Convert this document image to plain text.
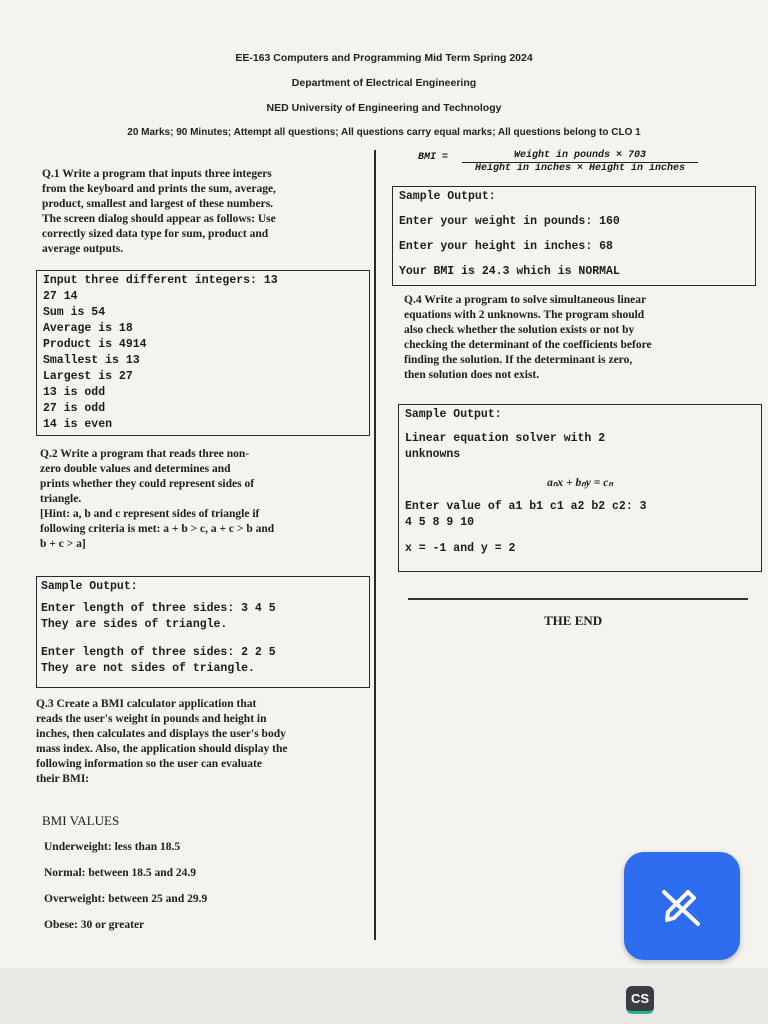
EE-163 Computers and Programming Mid Term Spring 2024
Department of Electrical Engineering
NED University of Engineering and Technology
20 Marks; 90 Minutes; Attempt all questions; All questions carry equal marks; All questions belong to CLO 1
Q.1 Write a program that inputs three integers
from the keyboard and prints the sum, average,
product, smallest and largest of these numbers.
The screen dialog should appear as follows: Use
correctly sized data type for sum, product and
average outputs.
Input three different integers: 13
27 14
Sum is 54
Average is 18
Product is 4914
Smallest is 13
Largest is 27
13 is odd
27 is odd
14 is even
Q.2 Write a program that reads three non-
zero double values and determines and
prints whether they could represent sides of
triangle.
[Hint: a, b and c represent sides of triangle if
following criteria is met: a + b > c, a + c > b and
b + c > a]
Sample Output:
Enter length of three sides: 3 4 5
They are sides of triangle.
Enter length of three sides: 2 2 5
They are not sides of triangle.
Q.3 Create a BMI calculator application that
reads the user's weight in pounds and height in
inches, then calculates and displays the user's body
mass index. Also, the application should display the
following information so the user can evaluate
their BMI:
BMI VALUES
Underweight: less than 18.5
Normal: between 18.5 and 24.9
Overweight: between 25 and 29.9
Obese: 30 or greater
BMI =	Weight in pounds × 703
Height in inches × Height in inches
Sample Output:
Enter your weight in pounds: 160
Enter your height in inches: 68
Your BMI is 24.3 which is NORMAL
Q.4 Write a program to solve simultaneous linear
equations with 2 unknowns. The program should
also check whether the solution exists or not by
checking the determinant of the coefficients before
finding the solution. If the determinant is zero,
then solution does not exist.
Sample Output:
Linear equation solver with 2
unknowns
aₙx + bₙy = cₙ
Enter value of a1 b1 c1 a2 b2 c2: 3
4 5 8 9 10
x = -1 and y = 2
THE END
CS
